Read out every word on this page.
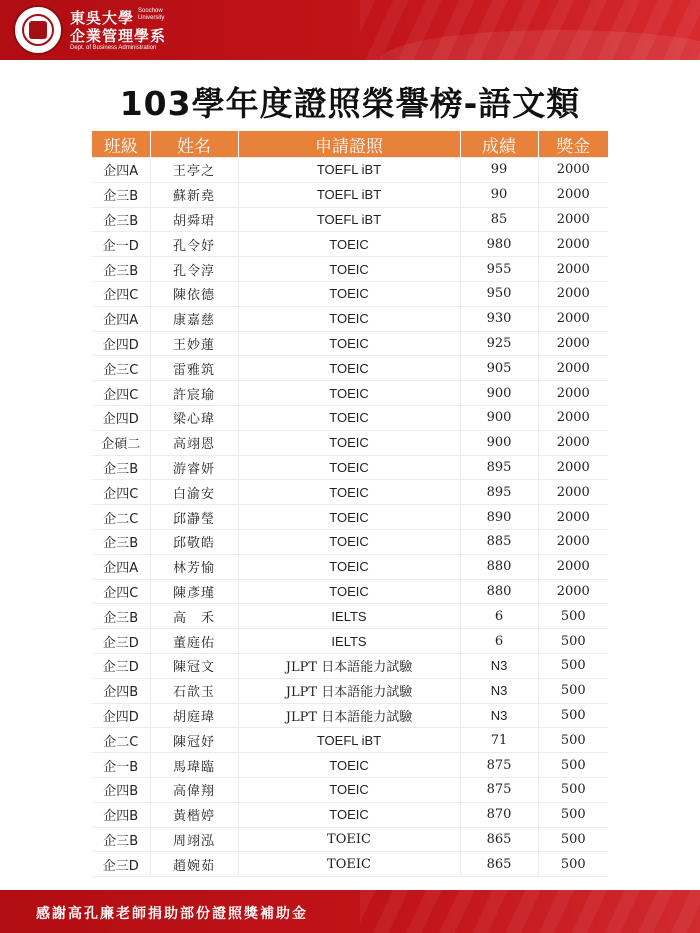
東吳大學 Soochow University
企業管理學系
Dept. of Business Administration
103學年度證照榮譽榜-語文類
班級	姓名	申請證照	成績	獎金
企四A	王亭之	TOEFL iBT	99	2000
企三B	蘇新堯	TOEFL iBT	90	2000
企三B	胡舜珺	TOEFL iBT	85	2000
企一D	孔令妤	TOEIC	980	2000
企三B	孔令淳	TOEIC	955	2000
企四C	陳依德	TOEIC	950	2000
企四A	康嘉慈	TOEIC	930	2000
企四D	王妙蓮	TOEIC	925	2000
企三C	雷雅筑	TOEIC	905	2000
企四C	許宸瑜	TOEIC	900	2000
企四D	梁心瑋	TOEIC	900	2000
企碩二	高翊恩	TOEIC	900	2000
企三B	游睿妍	TOEIC	895	2000
企四C	白渝安	TOEIC	895	2000
企二C	邱瀞瑩	TOEIC	890	2000
企三B	邱敬皓	TOEIC	885	2000
企四A	林芳愉	TOEIC	880	2000
企四C	陳彥瑾	TOEIC	880	2000
企三B	高　禾	IELTS	6	500
企三D	董庭佑	IELTS	6	500
企三D	陳冠文	JLPT 日本語能力試驗	N3	500
企四B	石歆玉	JLPT 日本語能力試驗	N3	500
企四D	胡庭瑋	JLPT 日本語能力試驗	N3	500
企二C	陳冠妤	TOEFL iBT	71	500
企一B	馬瑋臨	TOEIC	875	500
企四B	高偉翔	TOEIC	875	500
企四B	黃楷婷	TOEIC	870	500
企三B	周翊泓	TOEIC	865	500
企三D	趙婉茹	TOEIC	865	500
感謝高孔廉老師捐助部份證照獎補助金
